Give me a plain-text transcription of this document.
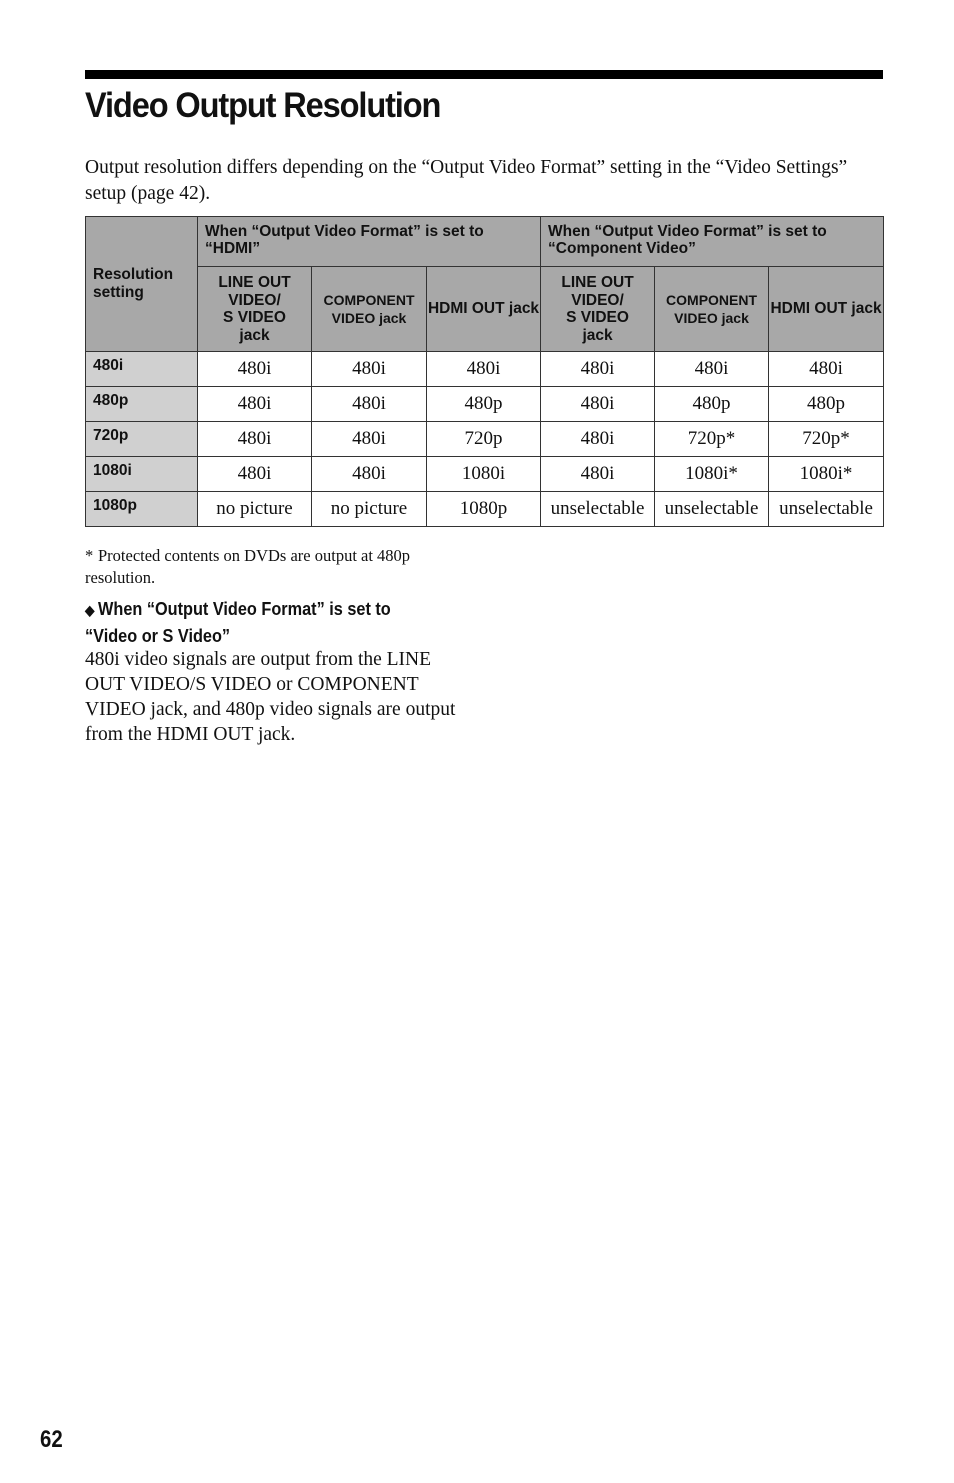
Video Output Resolution

Output resolution differs depending on the “Output Video Format” setting in the “Video Settings” setup (page 42).

Resolution setting	When “Output Video Format” is set to “HDMI”			When “Output Video Format” is set to “Component Video”		
	LINE OUT
VIDEO/
S VIDEO
jack	COMPONENT VIDEO jack	HDMI OUT jack	LINE OUT
VIDEO/
S VIDEO
jack	COMPONENT VIDEO jack	HDMI OUT jack
480i	480i	480i	480i	480i	480i	480i
480p	480i	480i	480p	480i	480p	480p
720p	480i	480i	720p	480i	720p*	720p*
1080i	480i	480i	1080i	480i	1080i*	1080i*
1080p	no picture	no picture	1080p	unselectable	unselectable	unselectable

* Protected contents on DVDs are output at 480p resolution.

◆ When “Output Video Format” is set to “Video or S Video”

480i video signals are output from the LINE OUT VIDEO/S VIDEO or COMPONENT VIDEO jack, and 480p video signals are output from the HDMI OUT jack.

62
